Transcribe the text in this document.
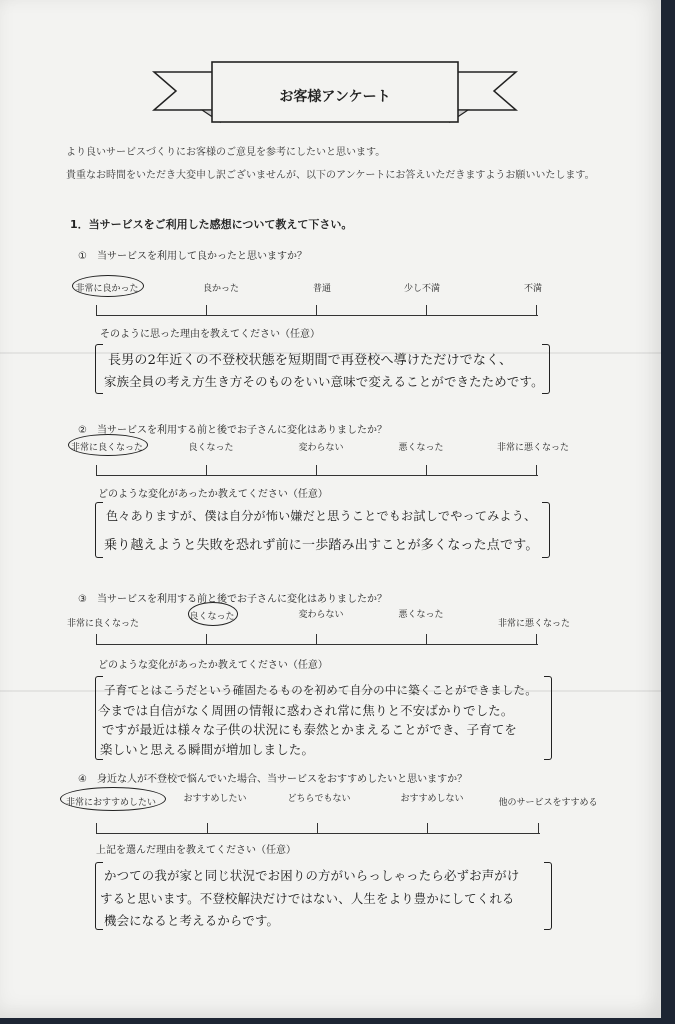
お客様アンケート
より良いサービスづくりにお客様のご意見を参考にしたいと思います。
貴重なお時間をいただき大変申し訳ございませんが、以下のアンケートにお答えいただきますようお願いいたします。
1．当サービスをご利用した感想について教えて下さい。
①　当サービスを利用して良かったと思いますか？
非常に良かった	良かった	普通	少し不満	不満
そのように思った理由を教えてください（任意）
長男の2年近くの不登校状態を短期間で再登校へ導けただけでなく、
家族全員の考え方生き方そのものをいい意味で変えることができたためです。
②　当サービスを利用する前と後でお子さんに変化はありましたか？
非常に良くなった	良くなった	変わらない	悪くなった	非常に悪くなった
どのような変化があったか教えてください（任意）
色々ありますが、僕は自分が怖い嫌だと思うことでもお試しでやってみよう、
乗り越えようと失敗を恐れず前に一歩踏み出すことが多くなった点です。
③　当サービスを利用する前と後でお子さんに変化はありましたか？
非常に良くなった
良くなった	変わらない	悪くなった
非常に悪くなった
どのような変化があったか教えてください（任意）
子育てとはこうだという確固たるものを初めて自分の中に築くことができました。
今までは自信がなく周囲の情報に惑わされ常に焦りと不安ばかりでした。
ですが最近は様々な子供の状況にも泰然とかまえることができ、子育てを
楽しいと思える瞬間が増加しました。
④　身近な人が不登校で悩んでいた場合、当サービスをおすすめしたいと思いますか？
非常におすすめしたい	おすすめしたい	どちらでもない	おすすめしない	他のサービスをすすめる
上記を選んだ理由を教えてください（任意）
かつての我が家と同じ状況でお困りの方がいらっしゃったら必ずお声がけ
すると思います。不登校解決だけではない、人生をより豊かにしてくれる
機会になると考えるからです。
